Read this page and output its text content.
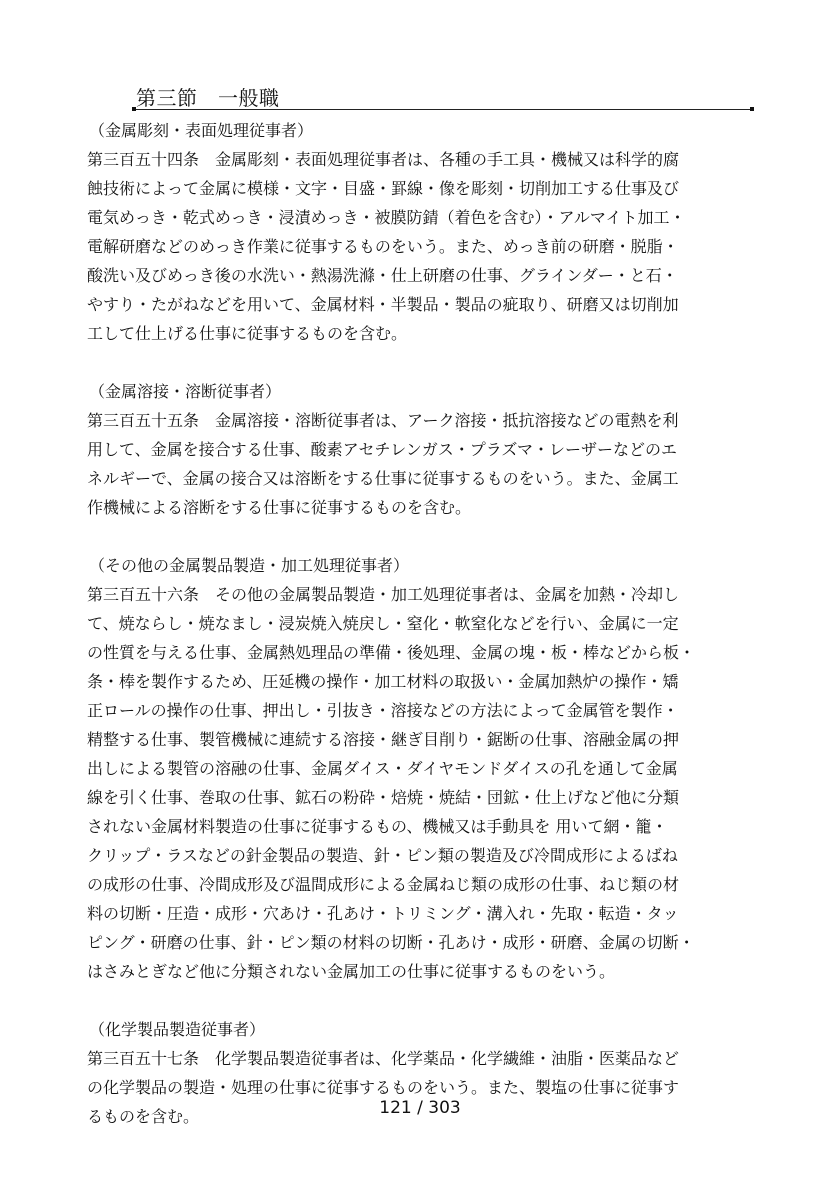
第三節　一般職

（金属彫刻・表面処理従事者）

第三百五十四条　金属彫刻・表面処理従事者は、各種の手工具・機械又は科学的腐
蝕技術によって金属に模様・文字・目盛・罫線・像を彫刻・切削加工する仕事及び
電気めっき・乾式めっき・浸漬めっき・被膜防錆（着色を含む）・アルマイト加工・
電解研磨などのめっき作業に従事するものをいう。また、めっき前の研磨・脱脂・
酸洗い及びめっき後の水洗い・熱湯洗滌・仕上研磨の仕事、グラインダー・と石・
やすり・たがねなどを用いて、金属材料・半製品・製品の疵取り、研磨又は切削加
工して仕上げる仕事に従事するものを含む。

（金属溶接・溶断従事者）

第三百五十五条　金属溶接・溶断従事者は、アーク溶接・抵抗溶接などの電熱を利
用して、金属を接合する仕事、酸素アセチレンガス・プラズマ・レーザーなどのエ
ネルギーで、金属の接合又は溶断をする仕事に従事するものをいう。また、金属工
作機械による溶断をする仕事に従事するものを含む。

（その他の金属製品製造・加工処理従事者）

第三百五十六条　その他の金属製品製造・加工処理従事者は、金属を加熱・冷却し
て、焼ならし・焼なまし・浸炭焼入焼戻し・窒化・軟窒化などを行い、金属に一定
の性質を与える仕事、金属熱処理品の準備・後処理、金属の塊・板・棒などから板・
条・棒を製作するため、圧延機の操作・加工材料の取扱い・金属加熱炉の操作・矯
正ロールの操作の仕事、押出し・引抜き・溶接などの方法によって金属管を製作・
精整する仕事、製管機械に連続する溶接・継ぎ目削り・鋸断の仕事、溶融金属の押
出しによる製管の溶融の仕事、金属ダイス・ダイヤモンドダイスの孔を通して金属
線を引く仕事、巻取の仕事、鉱石の粉砕・焙焼・焼結・団鉱・仕上げなど他に分類
されない金属材料製造の仕事に従事するもの、機械又は手動具を 用いて網・籠・
クリップ・ラスなどの針金製品の製造、針・ピン類の製造及び冷間成形によるばね
の成形の仕事、冷間成形及び温間成形による金属ねじ類の成形の仕事、ねじ類の材
料の切断・圧造・成形・穴あけ・孔あけ・トリミング・溝入れ・先取・転造・タッ
ピング・研磨の仕事、針・ピン類の材料の切断・孔あけ・成形・研磨、金属の切断・
はさみとぎなど他に分類されない金属加工の仕事に従事するものをいう。

（化学製品製造従事者）

第三百五十七条　化学製品製造従事者は、化学薬品・化学繊維・油脂・医薬品など
の化学製品の製造・処理の仕事に従事するものをいう。また、製塩の仕事に従事す
るものを含む。	121 / 303
